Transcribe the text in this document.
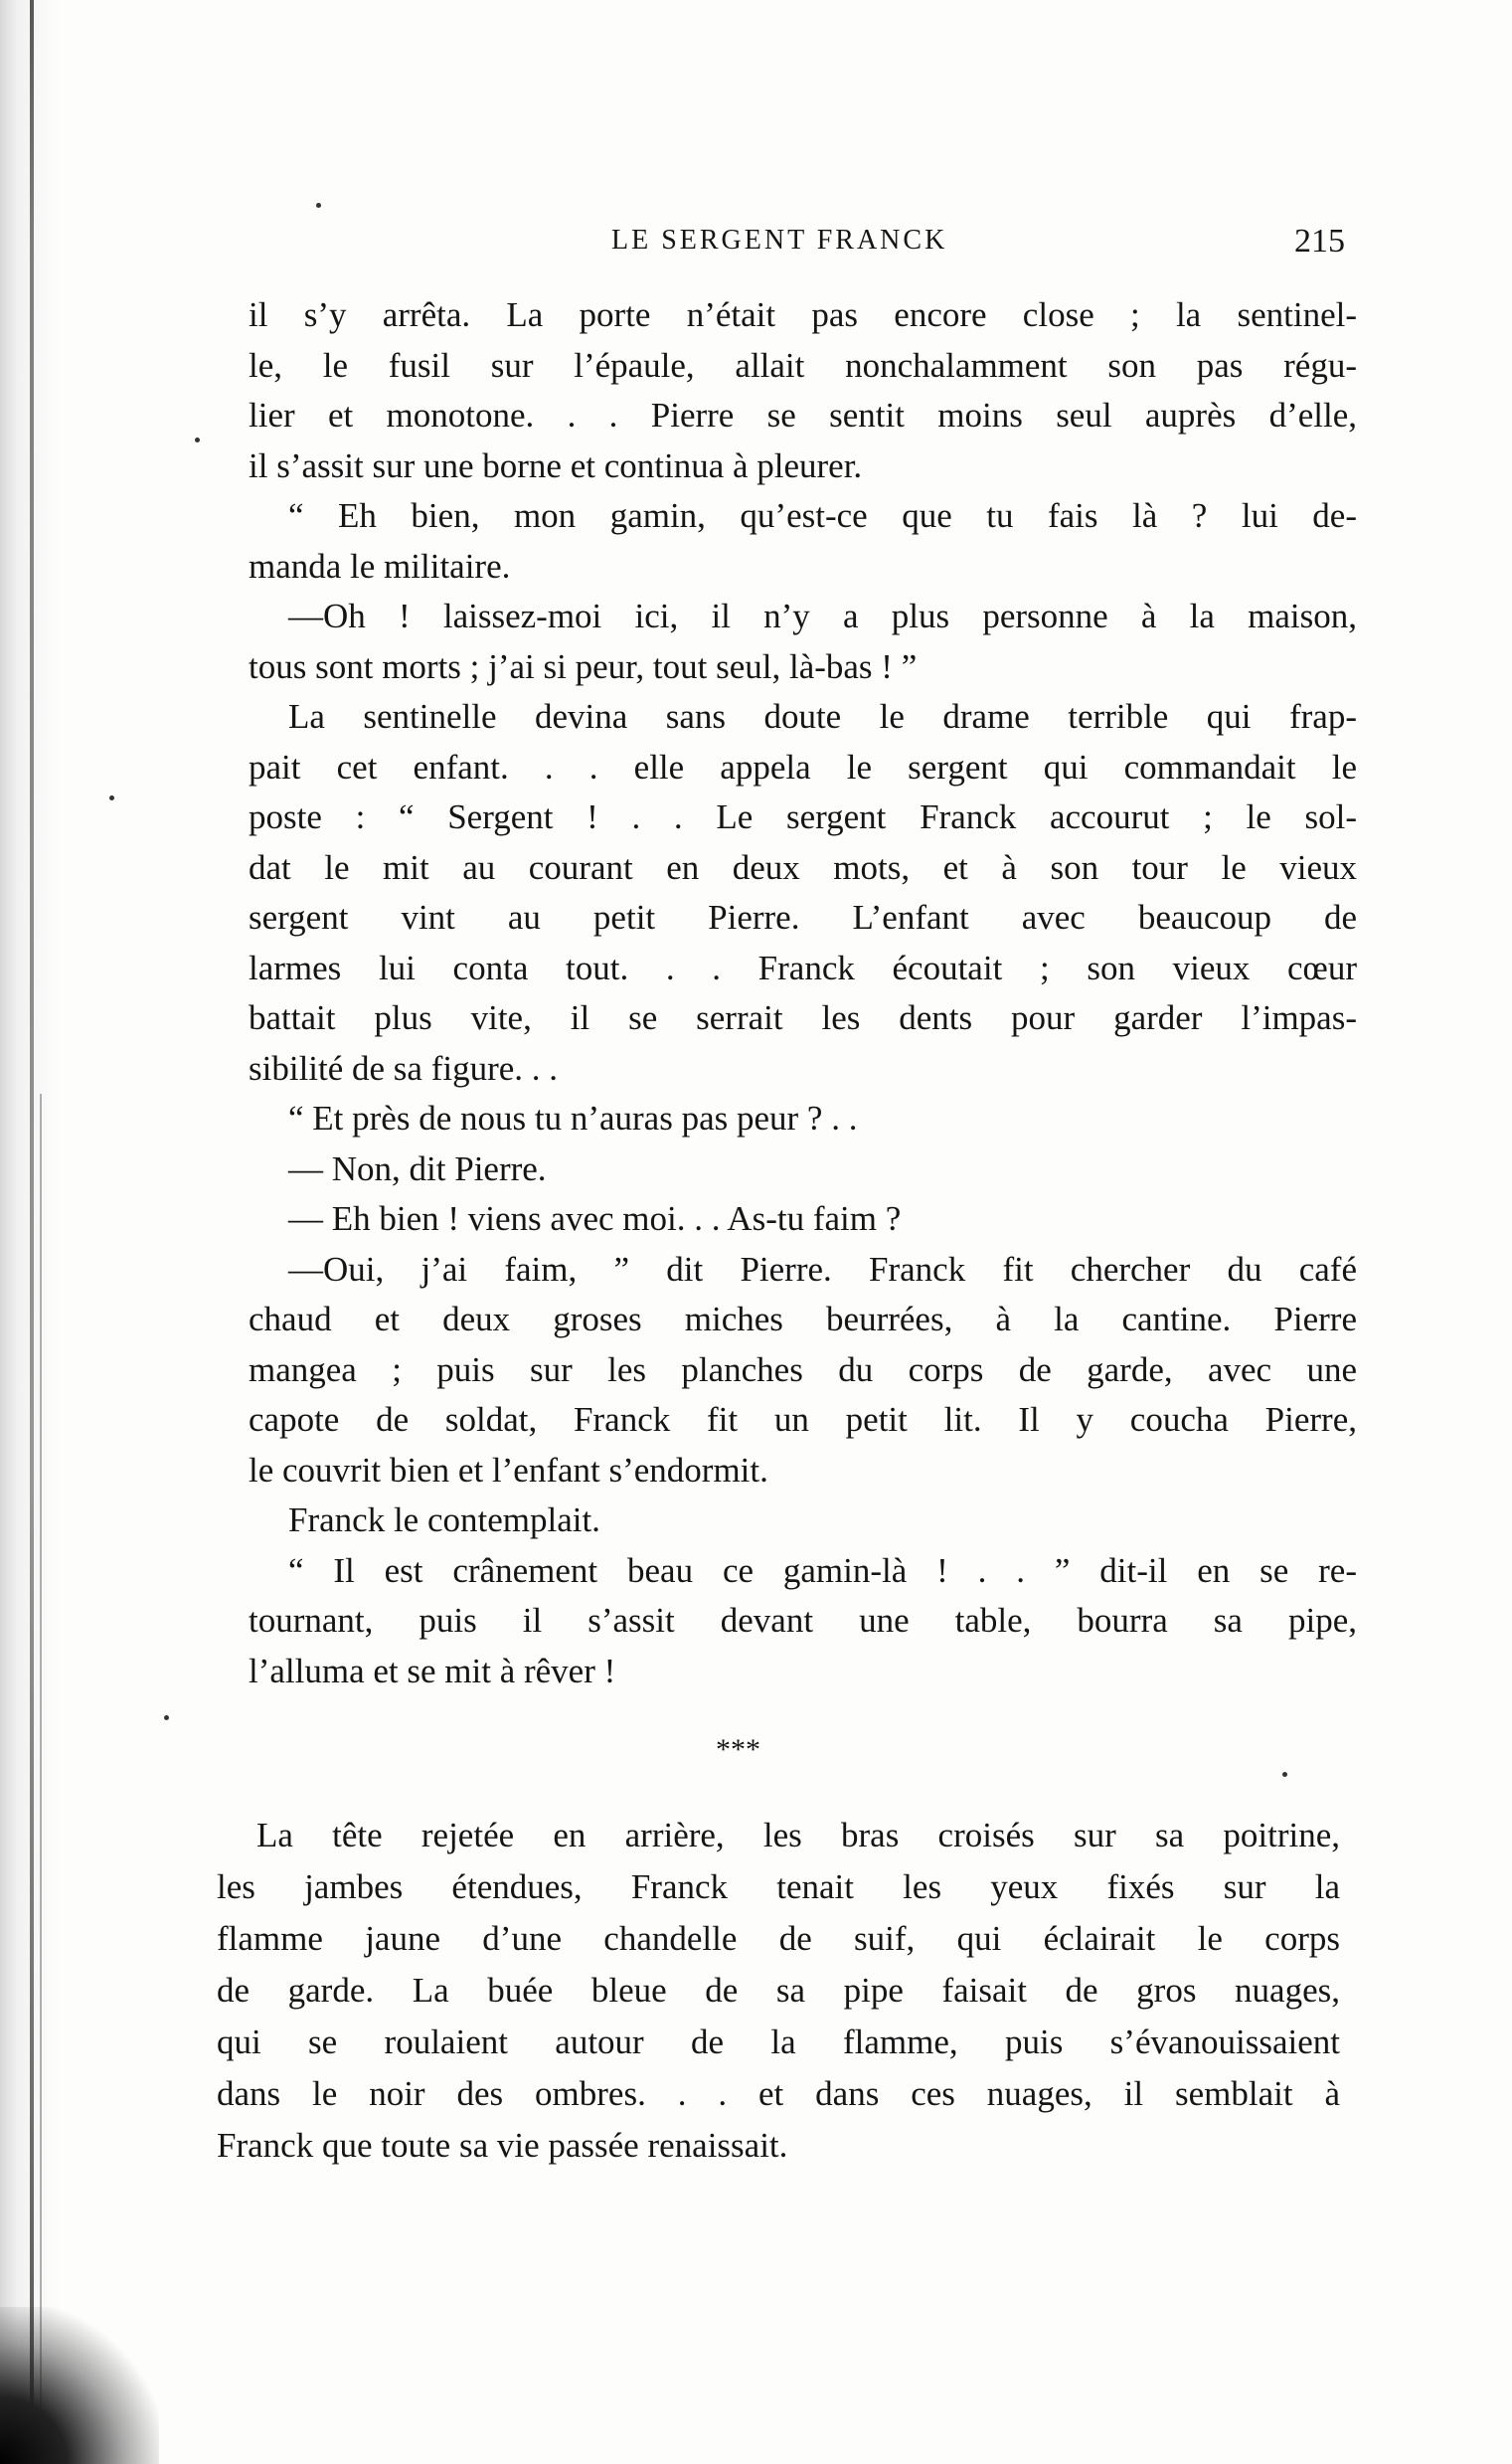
LE SERGENT FRANCK	215
il s’y arrêta. La porte n’était pas encore close ; la sentinel-
le, le fusil sur l’épaule, allait nonchalamment son pas régu-
lier et monotone. . . Pierre se sentit moins seul auprès d’elle,
il s’assit sur une borne et continua à pleurer.
“ Eh bien, mon gamin, qu’est-ce que tu fais là ? lui de-
manda le militaire.
—Oh ! laissez-moi ici, il n’y a plus personne à la maison,
tous sont morts ; j’ai si peur, tout seul, là-bas ! ”
La sentinelle devina sans doute le drame terrible qui frap-
pait cet enfant. . . elle appela le sergent qui commandait le
poste : “ Sergent ! . . Le sergent Franck accourut ; le sol-
dat le mit au courant en deux mots, et à son tour le vieux
sergent vint au petit Pierre. L’enfant avec beaucoup de
larmes lui conta tout. . . Franck écoutait ; son vieux cœur
battait plus vite, il se serrait les dents pour garder l’impas-
sibilité de sa figure. . .
“ Et près de nous tu n’auras pas peur ? . .
— Non, dit Pierre.
— Eh bien ! viens avec moi. . . As-tu faim ?
—Oui, j’ai faim, ” dit Pierre. Franck fit chercher du café
chaud et deux groses miches beurrées, à la cantine. Pierre
mangea ; puis sur les planches du corps de garde, avec une
capote de soldat, Franck fit un petit lit. Il y coucha Pierre,
le couvrit bien et l’enfant s’endormit.
Franck le contemplait.
“ Il est crânement beau ce gamin-là ! . . ” dit-il en se re-
tournant, puis il s’assit devant une table, bourra sa pipe,
l’alluma et se mit à rêver !
***
La tête rejetée en arrière, les bras croisés sur sa poitrine,
les jambes étendues, Franck tenait les yeux fixés sur la
flamme jaune d’une chandelle de suif, qui éclairait le corps
de garde. La buée bleue de sa pipe faisait de gros nuages,
qui se roulaient autour de la flamme, puis s’évanouissaient
dans le noir des ombres. . . et dans ces nuages, il semblait à
Franck que toute sa vie passée renaissait.
